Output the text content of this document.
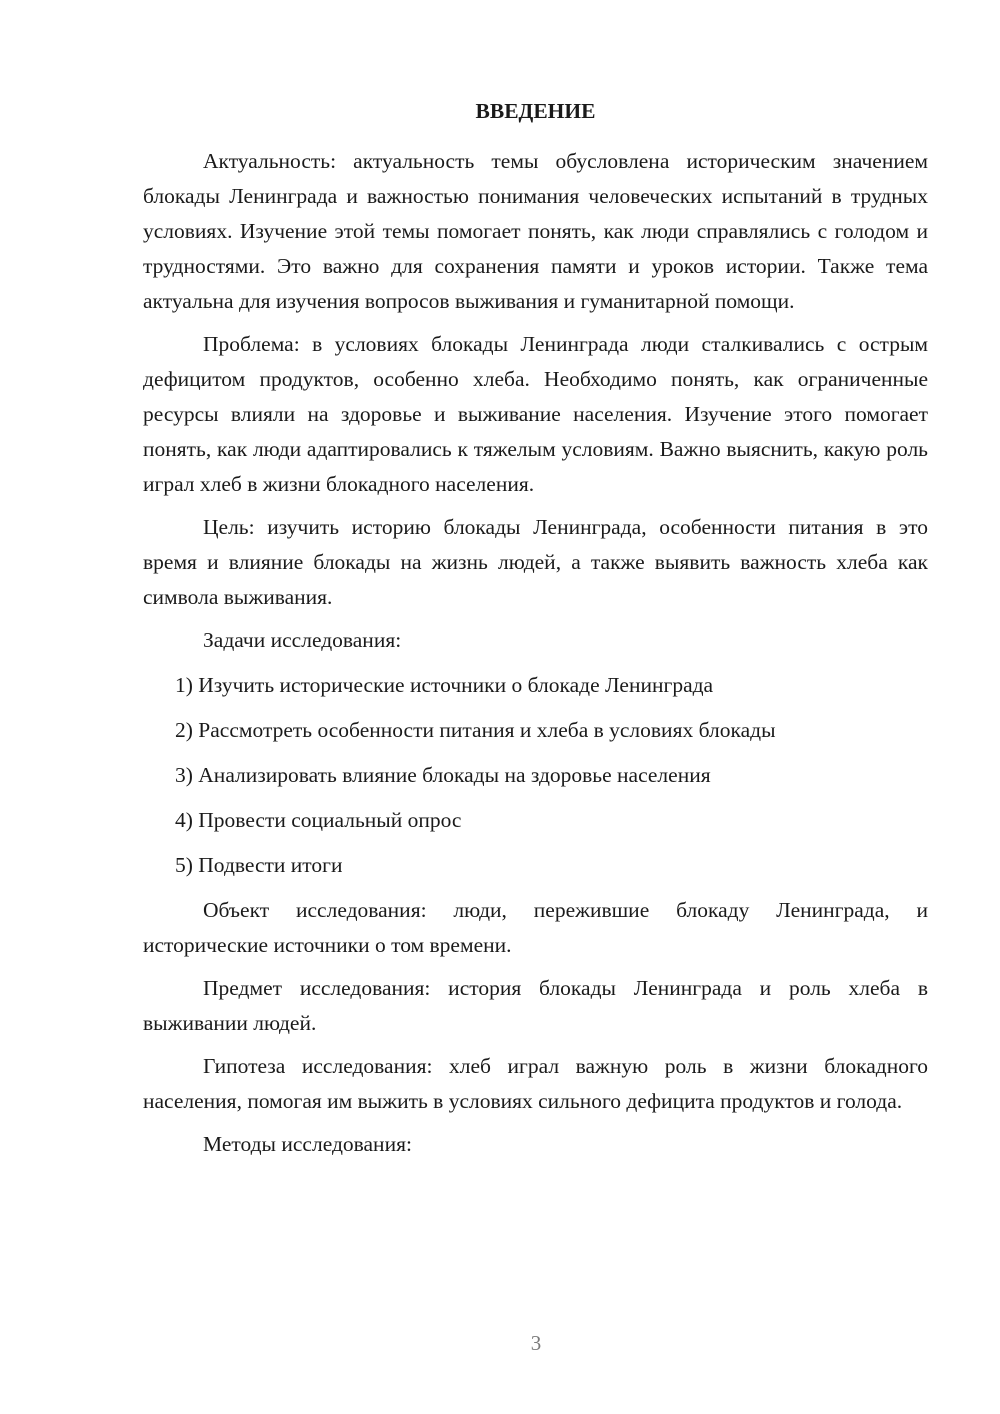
ВВЕДЕНИЕ

Актуальность: актуальность темы обусловлена историческим значением блокады Ленинграда и важностью понимания человеческих испытаний в трудных условиях. Изучение этой темы помогает понять, как люди справлялись с голодом и трудностями. Это важно для сохранения памяти и уроков истории. Также тема актуальна для изучения вопросов выживания и гуманитарной помощи.

Проблема: в условиях блокады Ленинграда люди сталкивались с острым дефицитом продуктов, особенно хлеба. Необходимо понять, как ограниченные ресурсы влияли на здоровье и выживание населения. Изучение этого помогает понять, как люди адаптировались к тяжелым условиям. Важно выяснить, какую роль играл хлеб в жизни блокадного населения.

Цель: изучить историю блокады Ленинграда, особенности питания в это время и влияние блокады на жизнь людей, а также выявить важность хлеба как символа выживания.

Задачи исследования:

1) Изучить исторические источники о блокаде Ленинграда
2) Рассмотреть особенности питания и хлеба в условиях блокады
3) Анализировать влияние блокады на здоровье населения
4) Провести социальный опрос
5) Подвести итоги

Объект исследования: люди, пережившие блокаду Ленинграда, и исторические источники о том времени.

Предмет исследования: история блокады Ленинграда и роль хлеба в выживании людей.

Гипотеза исследования: хлеб играл важную роль в жизни блокадного населения, помогая им выжить в условиях сильного дефицита продуктов и голода.

Методы исследования:

3
